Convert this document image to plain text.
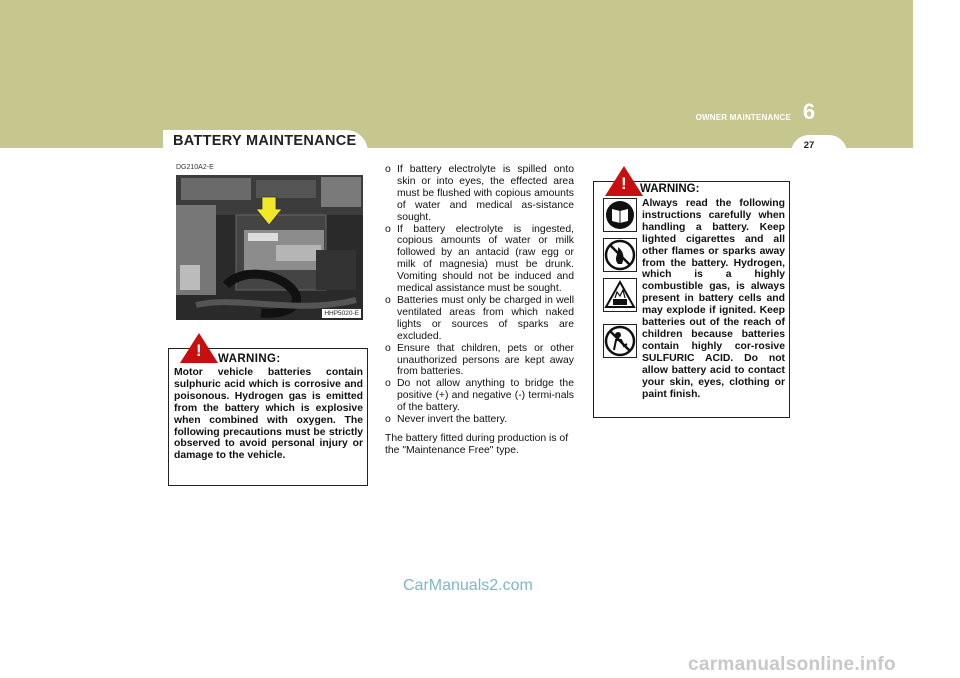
BATTERY MAINTENANCE
6
OWNER MAINTENANCE
27
DG210A2-E
HHP5020-E
! WARNING:
Motor vehicle batteries contain sulphuric acid which is corrosive and poisonous. Hydrogen gas is emitted from the battery which is explosive when combined with oxygen. The following precautions must be strictly observed to avoid personal injury or damage to the vehicle.
o If battery electrolyte is spilled onto skin or into eyes, the effected area must be flushed with copious amounts of water and medical as-sistance sought.
o If battery electrolyte is ingested, copious amounts of water or milk followed by an antacid (raw egg or milk of magnesia) must be drunk. Vomiting should not be induced and medical assistance must be sought.
o Batteries must only be charged in well ventilated areas from which naked lights or sources of sparks are excluded.
o Ensure that children, pets or other unauthorized persons are kept away from batteries.
o Do not allow anything to bridge the positive (+) and negative (-) termi-nals of the battery.
o Never invert the battery.
The battery fitted during production is of the "Maintenance Free" type.
! WARNING:
Always read the following instructions carefully when handling a battery. Keep lighted cigarettes and all other flames or sparks away from the battery. Hydrogen, which is a highly combustible gas, is always present in battery cells and may explode if ignited. Keep batteries out of the reach of children because batteries contain highly cor-rosive SULFURIC ACID. Do not allow battery acid to contact your skin, eyes, clothing or paint finish.
CarManuals2.com
carmanualsonline.info
